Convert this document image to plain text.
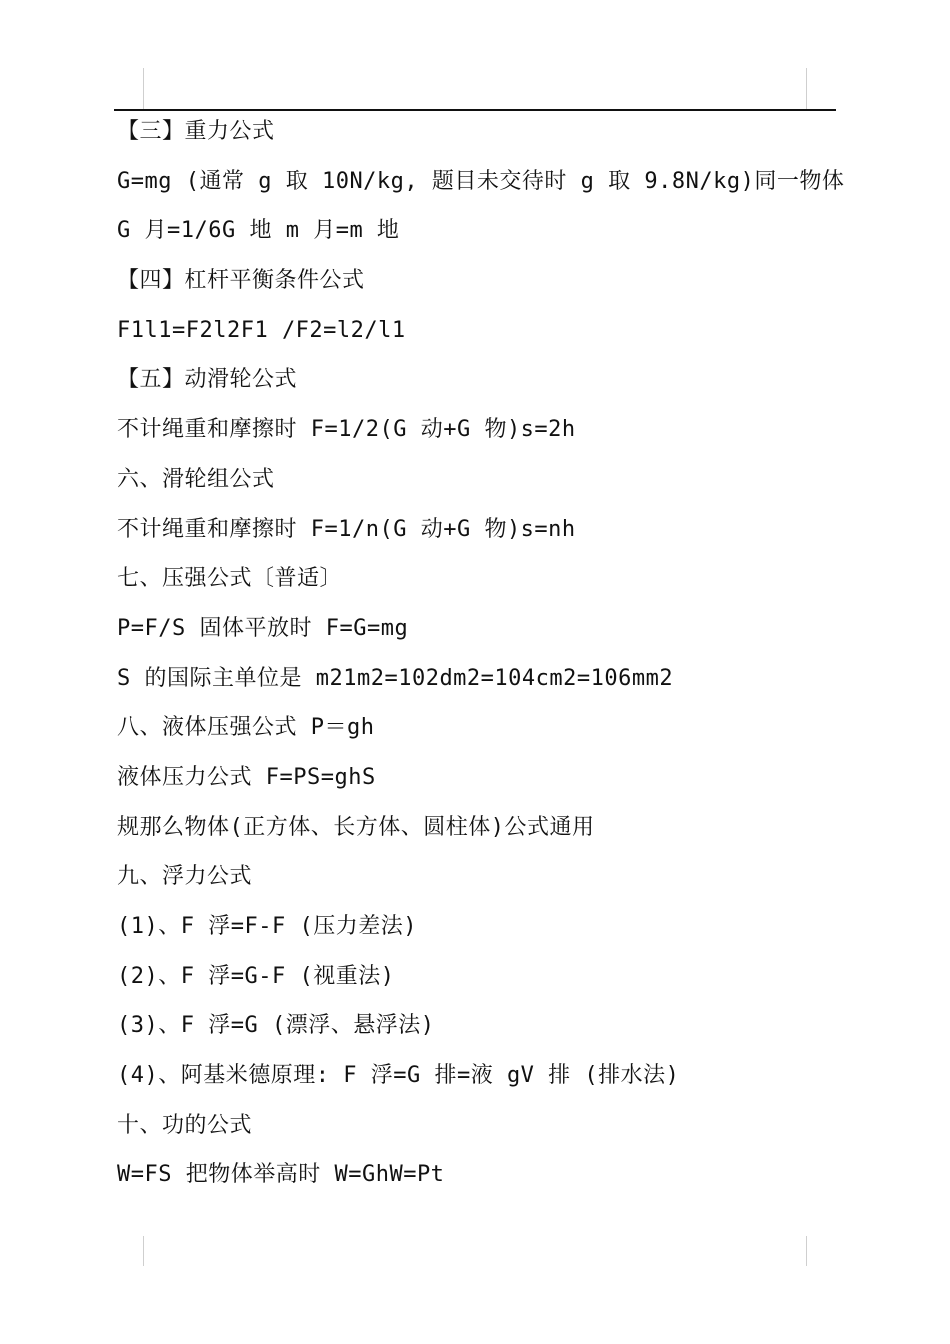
【三】重力公式
G=mg (通常 g 取 10N/kg, 题目未交待时 g 取 9.8N/kg)同一物体
G 月=1/6G 地 m 月=m 地
【四】杠杆平衡条件公式
F1l1=F2l2F1 /F2=l2/l1
【五】动滑轮公式
不计绳重和摩擦时 F=1/2(G 动+G 物)s=2h
六、滑轮组公式
不计绳重和摩擦时 F=1/n(G 动+G 物)s=nh
七、压强公式〔普适〕
P=F/S 固体平放时 F=G=mg
S 的国际主单位是 m21m2=102dm2=104cm2=106mm2
八、液体压强公式 P＝gh
液体压力公式 F=PS=ghS
规那么物体(正方体、长方体、圆柱体)公式通用
九、浮力公式
(1)、F 浮=F-F (压力差法)
(2)、F 浮=G-F (视重法)
(3)、F 浮=G (漂浮、悬浮法)
(4)、阿基米德原理: F 浮=G 排=液 gV 排 (排水法)
十、功的公式
W=FS 把物体举高时 W=GhW=Pt
